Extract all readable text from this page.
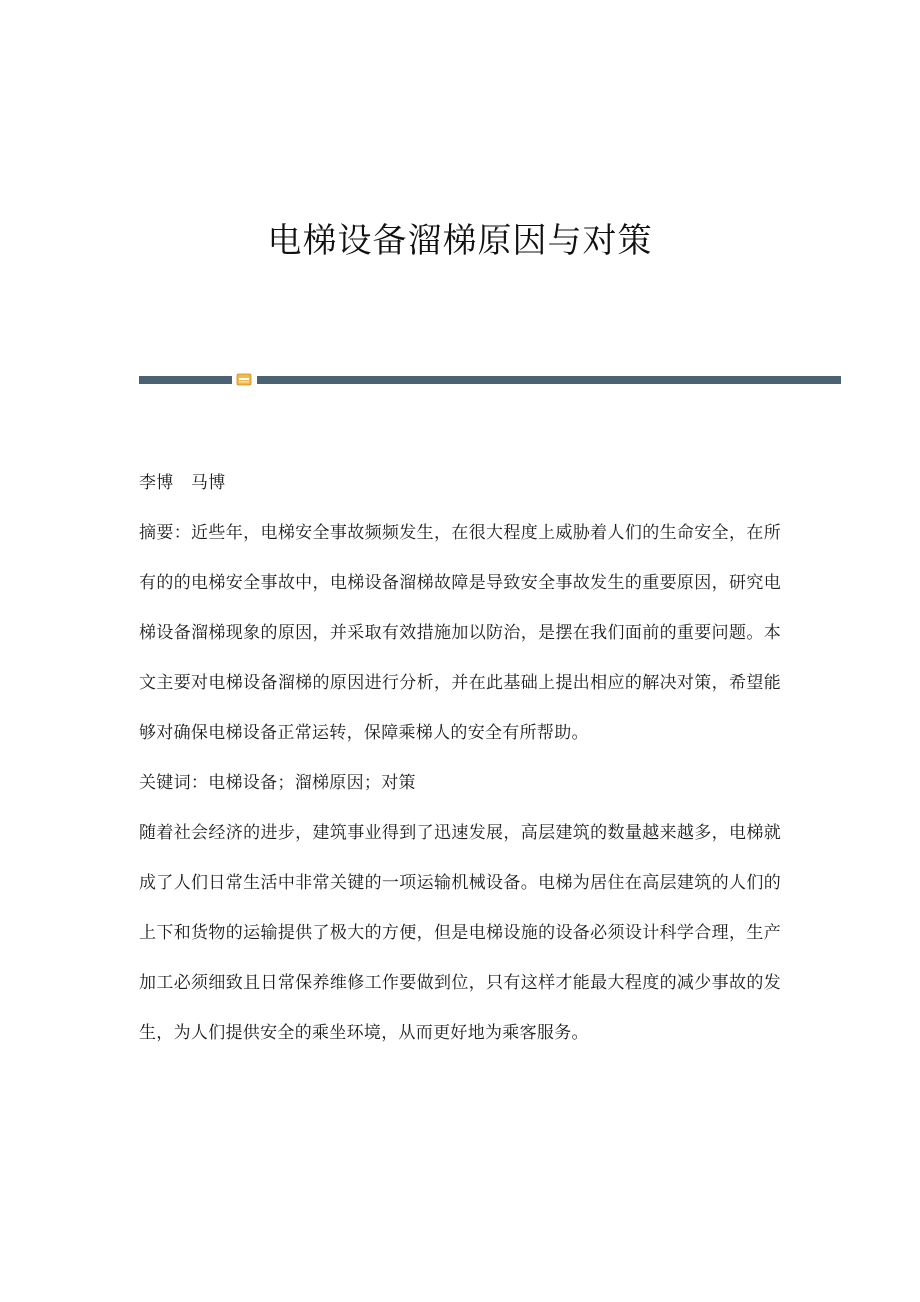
电梯设备溜梯原因与对策

李博　马博

摘要：近些年，电梯安全事故频频发生，在很大程度上威胁着人们的生命安全，在所有的的电梯安全事故中，电梯设备溜梯故障是导致安全事故发生的重要原因，研究电梯设备溜梯现象的原因，并采取有效措施加以防治，是摆在我们面前的重要问题。本文主要对电梯设备溜梯的原因进行分析，并在此基础上提出相应的解决对策，希望能够对确保电梯设备正常运转，保障乘梯人的安全有所帮助。

关键词：电梯设备；溜梯原因；对策

随着社会经济的进步，建筑事业得到了迅速发展，高层建筑的数量越来越多，电梯就成了人们日常生活中非常关键的一项运输机械设备。电梯为居住在高层建筑的人们的上下和货物的运输提供了极大的方便，但是电梯设施的设备必须设计科学合理，生产加工必须细致且日常保养维修工作要做到位，只有这样才能最大程度的减少事故的发生，为人们提供安全的乘坐环境，从而更好地为乘客服务。
